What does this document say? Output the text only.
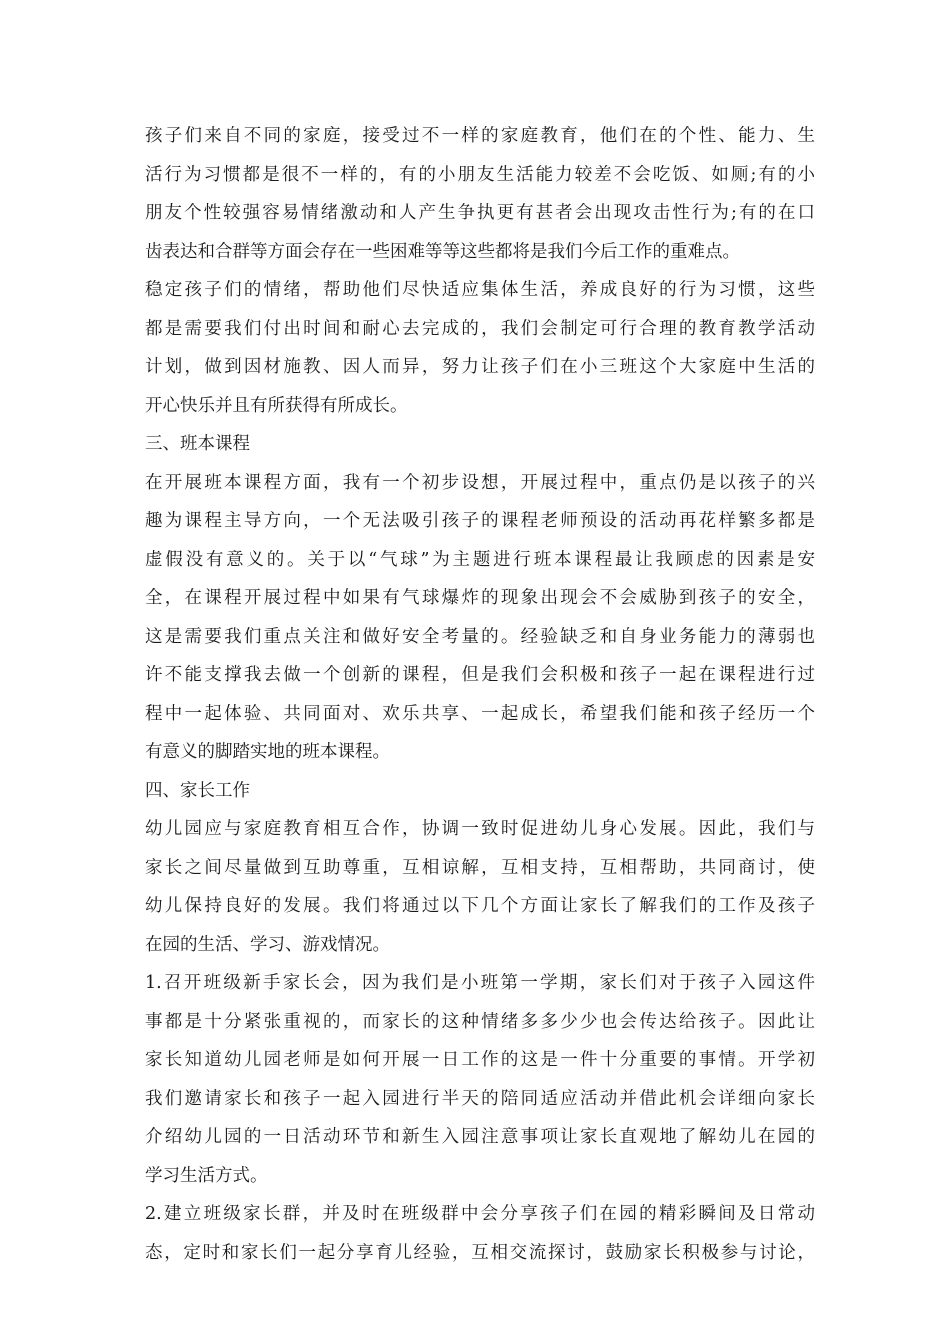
孩子们来自不同的家庭，接受过不一样的家庭教育，他们在的个性、能力、生
活行为习惯都是很不一样的，有的小朋友生活能力较差不会吃饭、如厕;有的小
朋友个性较强容易情绪激动和人产生争执更有甚者会出现攻击性行为;有的在口
齿表达和合群等方面会存在一些困难等等这些都将是我们今后工作的重难点。
稳定孩子们的情绪，帮助他们尽快适应集体生活，养成良好的行为习惯，这些
都是需要我们付出时间和耐心去完成的，我们会制定可行合理的教育教学活动
计划，做到因材施教、因人而异，努力让孩子们在小三班这个大家庭中生活的
开心快乐并且有所获得有所成长。
三、班本课程
在开展班本课程方面，我有一个初步设想，开展过程中，重点仍是以孩子的兴
趣为课程主导方向，一个无法吸引孩子的课程老师预设的活动再花样繁多都是
虚假没有意义的。关于以“气球”为主题进行班本课程最让我顾虑的因素是安
全，在课程开展过程中如果有气球爆炸的现象出现会不会威胁到孩子的安全，
这是需要我们重点关注和做好安全考量的。经验缺乏和自身业务能力的薄弱也
许不能支撑我去做一个创新的课程，但是我们会积极和孩子一起在课程进行过
程中一起体验、共同面对、欢乐共享、一起成长，希望我们能和孩子经历一个
有意义的脚踏实地的班本课程。
四、家长工作
幼儿园应与家庭教育相互合作，协调一致时促进幼儿身心发展。因此，我们与
家长之间尽量做到互助尊重，互相谅解，互相支持，互相帮助，共同商讨，使
幼儿保持良好的发展。我们将通过以下几个方面让家长了解我们的工作及孩子
在园的生活、学习、游戏情况。
1.召开班级新手家长会，因为我们是小班第一学期，家长们对于孩子入园这件
事都是十分紧张重视的，而家长的这种情绪多多少少也会传达给孩子。因此让
家长知道幼儿园老师是如何开展一日工作的这是一件十分重要的事情。开学初
我们邀请家长和孩子一起入园进行半天的陪同适应活动并借此机会详细向家长
介绍幼儿园的一日活动环节和新生入园注意事项让家长直观地了解幼儿在园的
学习生活方式。
2.建立班级家长群，并及时在班级群中会分享孩子们在园的精彩瞬间及日常动
态，定时和家长们一起分享育儿经验，互相交流探讨，鼓励家长积极参与讨论，
